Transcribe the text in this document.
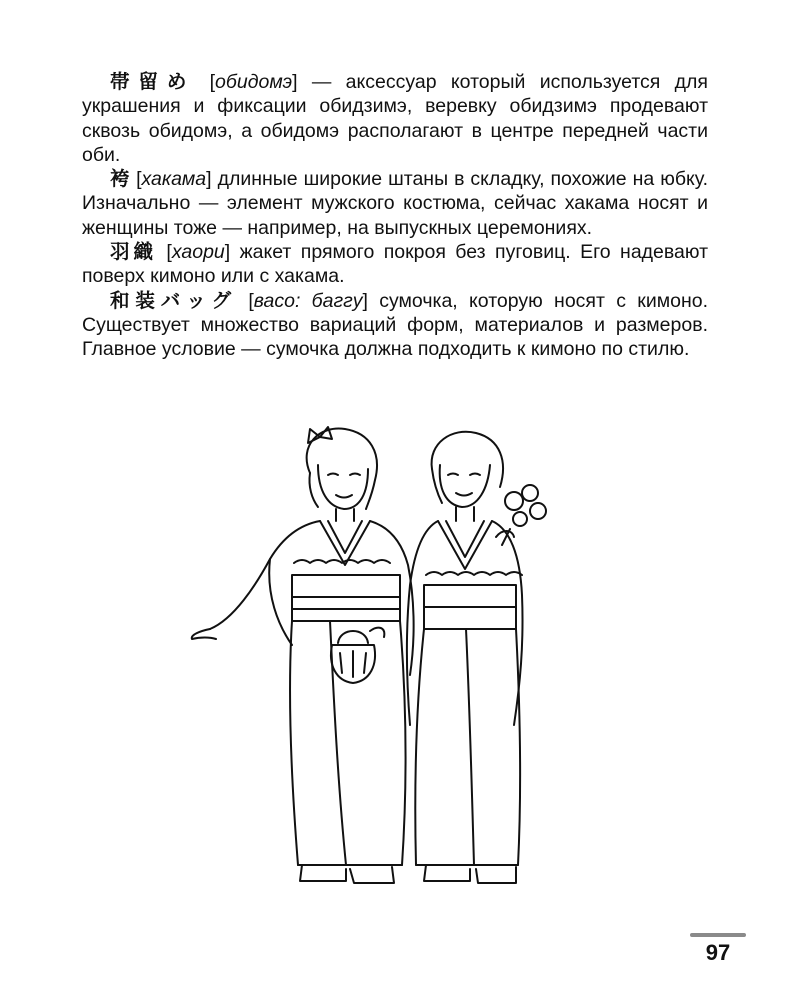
帯留め [обидомэ] — аксессуар который используется для украшения и фиксации обидзимэ, веревку обидзимэ продевают сквозь обидомэ, а обидомэ располагают в центре передней части оби.

袴 [хакама] длинные широкие штаны в складку, похожие на юбку. Изначально — элемент мужского костюма, сейчас хакама носят и женщины тоже — например, на выпускных церемониях.

羽織 [хаори] жакет прямого покроя без пуговиц. Его надевают поверх кимоно или с хакама.

和装バッグ [васо: баггу] сумочка, которую носят с кимоно. Существует множество вариаций форм, материалов и размеров. Главное условие — сумочка должна подходить к кимоно по стилю.

97
